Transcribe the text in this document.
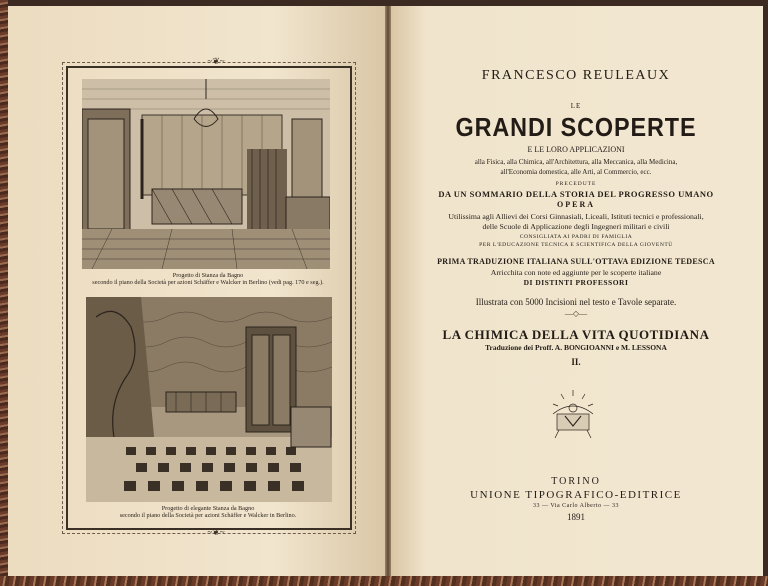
~❦~
~❦~
Progetto di Stanza da Bagno
secondo il piano della Società per azioni Schäffer e Walcker in Berlino (vedi pag. 170 e seg.).
Progetto di elegante Stanza da Bagno
secondo il piano della Società per azioni Schäffer e Walcker in Berlino.
FRANCESCO REULEAUX
LE
GRANDI SCOPERTE
E LE LORO APPLICAZIONI
alla Fisica, alla Chimica, all'Architettura, alla Meccanica, alla Medicina,
all'Economia domestica, alle Arti, al Commercio, ecc.
PRECEDUTE
DA UN SOMMARIO DELLA STORIA DEL PROGRESSO UMANO
OPERA
Utilissima agli Allievi dei Corsi Ginnasiali, Liceali, Istituti tecnici e professionali,
delle Scuole di Applicazione degli Ingegneri militari e civili
CONSIGLIATA AI PADRI DI FAMIGLIA
PER L'EDUCAZIONE TECNICA E SCIENTIFICA DELLA GIOVENTÙ
PRIMA TRADUZIONE ITALIANA SULL'OTTAVA EDIZIONE TEDESCA
Arricchita con note ed aggiunte per le scoperte italiane
DI DISTINTI PROFESSORI
Illustrata con 5000 Incisioni nel testo e Tavole separate.
—◇—
LA CHIMICA DELLA VITA QUOTIDIANA
Traduzione dei Proff. A. BONGIOANNI e M. LESSONA
II.
TORINO
UNIONE TIPOGRAFICO-EDITRICE
33 — Via Carlo Alberto — 33
1891
